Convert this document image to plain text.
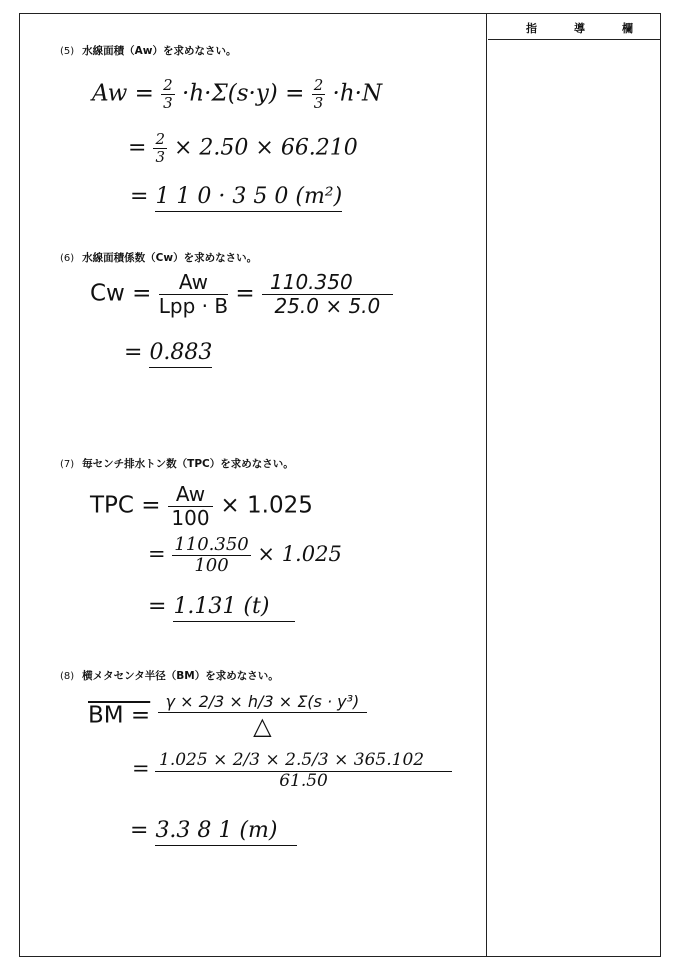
指	導	欄
(5) 水線面積（Aw）を求めなさい。
$Aw = \frac{2}{3} \cdot h\cdot\Sigma(s\cdot y) = \frac{2}{3} \cdot h\cdot N$
= $\frac{2}{3} \times 2.50 \times 66.210$
= 1 1 0 · 3 5 0 (m²)
(6) 水線面積係数（Cw）を求めなさい。
$Cw = \frac{Aw}{\text{Lpp · B}} = \frac{110.350}{25.0 \times 5.0}$
= 0.883
(7) 毎センチ排水トン数（TPC）を求めなさい。
TPC = $\frac{Aw}{100} \times 1.025$
= $\frac{110.350}{100} \times 1.025$
= 1.131 (t)
(8) 横メタセンタ半径（BM）を求めなさい。
BM = $\frac{\text{γ × 2/3 × h/3 × Σ(s · y³)}}{\triangle}$
= $\frac{1.025 \times 2/3 \times 2.5/3 \times 365.102}{61.50}$
= 3.3 8 1 (m)
